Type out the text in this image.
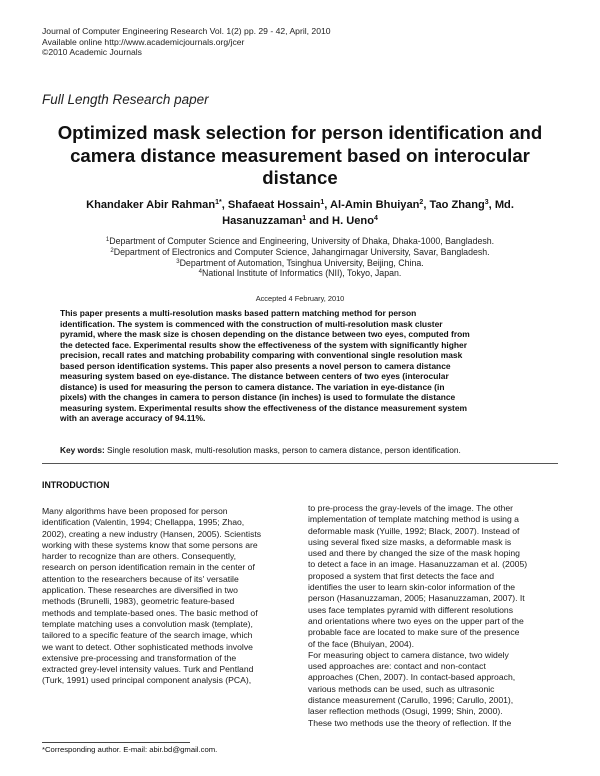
Journal of Computer Engineering Research Vol. 1(2) pp. 29 - 42, April, 2010
Available online http://www.academicjournals.org/jcer
©2010 Academic Journals
Full Length Research paper
Optimized mask selection for person identification and
camera distance measurement based on interocular
distance
Khandaker Abir Rahman$^{1*}$, Shafaeat Hossain$^1$, Al-Amin Bhuiyan$^2$, Tao Zhang$^3$, Md.
Hasanuzzaman$^1$ and H. Ueno$^4$
$^1$Department of Computer Science and Engineering, University of Dhaka, Dhaka-1000, Bangladesh.
$^2$Department of Electronics and Computer Science, Jahangirnagar University, Savar, Bangladesh.
$^3$Department of Automation, Tsinghua University, Beijing, China.
$^4$National Institute of Informatics (NII), Tokyo, Japan.
Accepted 4 February, 2010
This paper presents a multi-resolution masks based pattern matching method for person
identification. The system is commenced with the construction of multi-resolution mask cluster
pyramid, where the mask size is chosen depending on the distance between two eyes, computed from
the detected face. Experimental results show the effectiveness of the system with significantly higher
precision, recall rates and matching probability comparing with conventional single resolution mask
based person identification systems. This paper also presents a novel person to camera distance
measuring system based on eye-distance. The distance between centers of two eyes (interocular
distance) is used for measuring the person to camera distance. The variation in eye-distance (in
pixels) with the changes in camera to person distance (in inches) is used to formulate the distance
measuring system. Experimental results show the effectiveness of the distance measurement system
with an average accuracy of 94.11%.
Key words: Single resolution mask, multi-resolution masks, person to camera distance, person identification.
INTRODUCTION
Many algorithms have been proposed for person
identification (Valentin, 1994; Chellappa, 1995; Zhao,
2002), creating a new industry (Hansen, 2005). Scientists
working with these systems know that some persons are
harder to recognize than are others. Consequently,
research on person identification remain in the center of
attention to the researchers because of its' versatile
application. These researches are diversified in two
methods (Brunelli, 1983), geometric feature-based
methods and template-based ones. The basic method of
template matching uses a convolution mask (template),
tailored to a specific feature of the search image, which
we want to detect. Other sophisticated methods involve
extensive pre-processing and transformation of the
extracted grey-level intensity values. Turk and Pentland
(Turk, 1991) used principal component analysis (PCA),
to pre-process the gray-levels of the image. The other
implementation of template matching method is using a
deformable mask (Yuille, 1992; Black, 2007). Instead of
using several fixed size masks, a deformable mask is
used and there by changed the size of the mask hoping
to detect a face in an image. Hasanuzzaman et al. (2005)
proposed a system that first detects the face and
identifies the user to learn skin-color information of the
person (Hasanuzzaman, 2005; Hasanuzzaman, 2007). It
uses face templates pyramid with different resolutions
and orientations where two eyes on the upper part of the
probable face are located to make sure of the presence
of the face (Bhuiyan, 2004).
For measuring object to camera distance, two widely
used approaches are: contact and non-contact
approaches (Chen, 2007). In contact-based approach,
various methods can be used, such as ultrasonic
distance measurement (Carullo, 1996; Carullo, 2001),
laser reflection methods (Osugi, 1999; Shin, 2000).
These two methods use the theory of reflection. If the
*Corresponding author. E-mail: abir.bd@gmail.com.
